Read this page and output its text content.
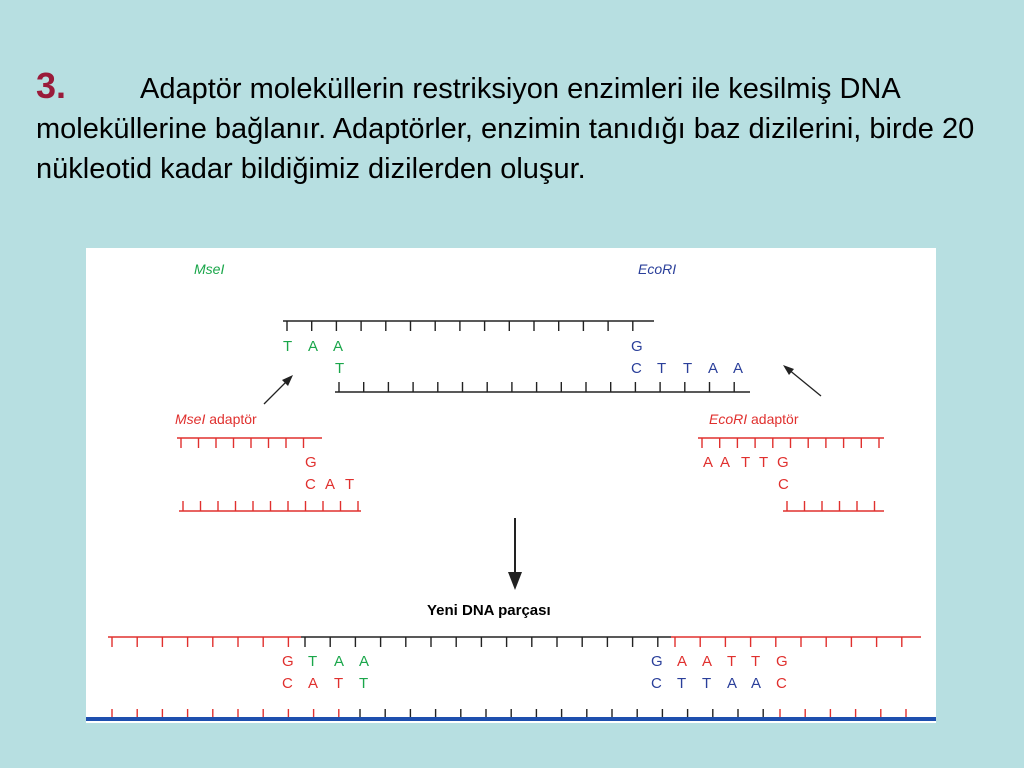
3.	Adaptör moleküllerin restriksiyon enzimleri ile kesilmiş DNA moleküllerine bağlanır. Adaptörler, enzimin tanıdığı baz dizilerini, birde 20 nükleotid kadar bildiğimiz dizilerden oluşur.
MseI	EcoRI
T A A	G
T	C T T A A
MseI adaptör	EcoRI adaptör
G
C A T
A A T T G
C
Yeni DNA parçası
G T A A
C A T T
G A A T T G
C T T A A C
